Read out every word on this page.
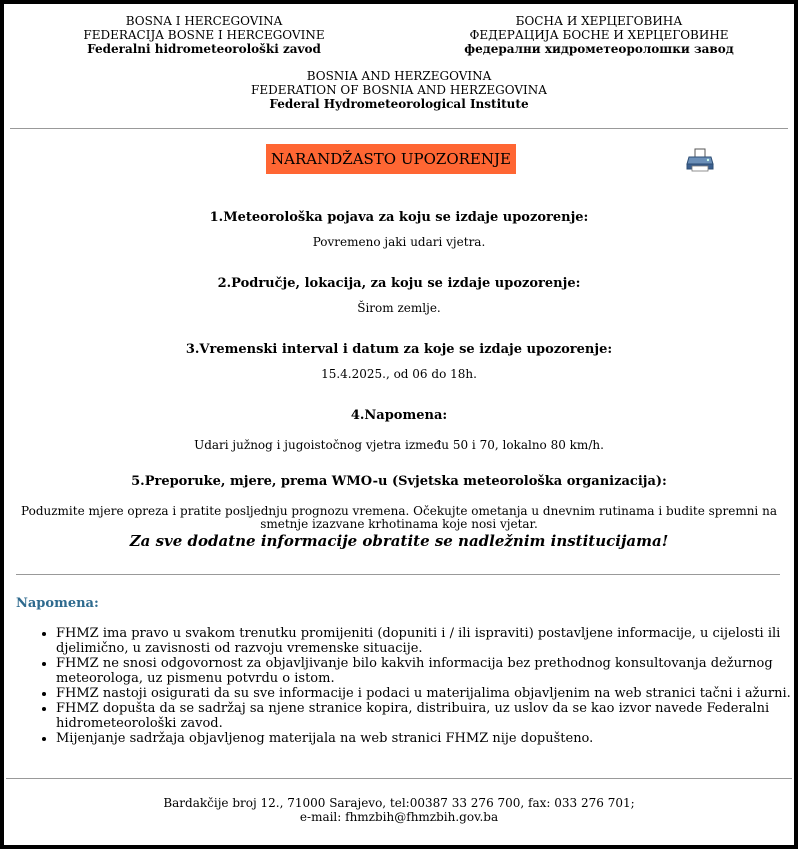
BOSNA I HERCEGOVINA
FEDERACIJA BOSNE I HERCEGOVINE
Federalni hidrometeorološki zavod
БОСНА И ХЕРЦЕГОВИНА
ФЕДЕРАЦИЈА БОСНЕ И ХЕРЦЕГОВИНЕ
федерални хидрометеоролошки завод
BOSNIA AND HERZEGOVINA
FEDERATION OF BOSNIA AND HERZEGOVINA
Federal Hydrometeorological Institute
NARANDŽASTO UPOZORENJE
1.Meteorološka pojava za koju se izdaje upozorenje:
Povremeno jaki udari vjetra.
2.Područje, lokacija, za koju se izdaje upozorenje:
Širom zemlje.
3.Vremenski interval i datum za koje se izdaje upozorenje:
15.4.2025., od 06 do 18h.
4.Napomena:
Udari južnog i jugoistočnog vjetra između 50 i 70, lokalno 80 km/h.
5.Preporuke, mjere, prema WMO-u (Svjetska meteorološka organizacija):
Poduzmite mjere opreza i pratite posljednju prognozu vremena. Očekujte ometanja u dnevnim rutinama i budite spremni na smetnje izazvane krhotinama koje nosi vjetar.
Za sve dodatne informacije obratite se nadležnim institucijama!
Napomena:
• FHMZ ima pravo u svakom trenutku promijeniti (dopuniti i / ili ispraviti) postavljene informacije, u cijelosti ili djelimično, u zavisnosti od razvoju vremenske situacije.
• FHMZ ne snosi odgovornost za objavljivanje bilo kakvih informacija bez prethodnog konsultovanja dežurnog meteorologa, uz pismenu potvrdu o istom.
• FHMZ nastoji osigurati da su sve informacije i podaci u materijalima objavljenim na web stranici tačni i ažurni.
• FHMZ dopušta da se sadržaj sa njene stranice kopira, distribuira, uz uslov da se kao izvor navede Federalni hidrometeorološki zavod.
• Mijenjanje sadržaja objavljenog materijala na web stranici FHMZ nije dopušteno.
Bardakčije broj 12., 71000 Sarajevo, tel:00387 33 276 700, fax: 033 276 701;
e-mail: fhmzbih@fhmzbih.gov.ba
